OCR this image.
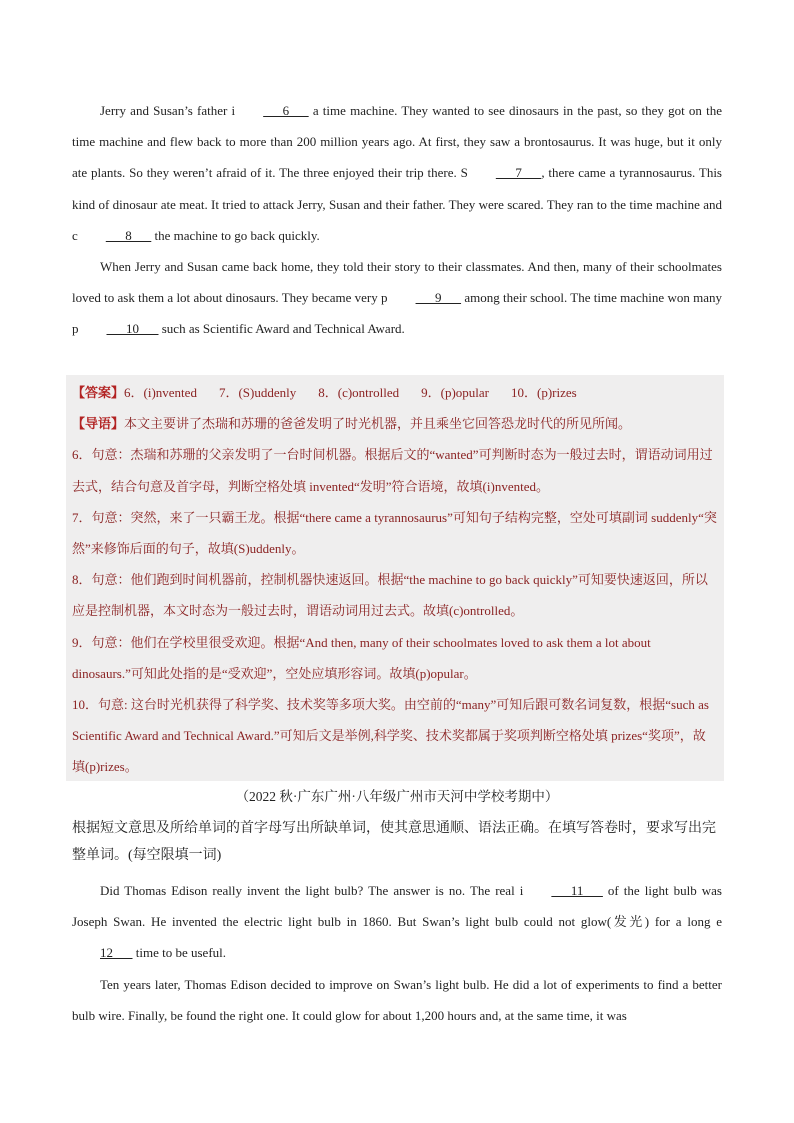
Jerry and Susan’s father i      6       a time machine. They wanted to see dinosaurs in the past, so they got on the time machine and flew back to more than 200 million years ago. At first, they saw a brontosaurus. It was huge, but it only ate plants. So they weren’t afraid of it. The three enjoyed their trip there. S      7      , there came a tyrannosaurus. This kind of dinosaur ate meat. It tried to attack Jerry, Susan and their father. They were scared. They ran to the time machine and c      8       the machine to go back quickly.

When Jerry and Susan came back home, they told their story to their classmates. And then, many of their schoolmates loved to ask them a lot about dinosaurs. They became very p      9       among their school. The time machine won many p      10       such as Scientific Award and Technical Award.

【答案】6．(i)nvented 7．(S)uddenly 8．(c)ontrolled 9．(p)opular 10．(p)rizes

【导语】本文主要讲了杰瑞和苏珊的爸爸发明了时光机器，并且乘坐它回答恐龙时代的所见所闻。

6．句意：杰瑞和苏珊的父亲发明了一台时间机器。根据后文的“wanted”可判断时态为一般过去时，谓语动词用过去式，结合句意及首字母，判断空格处填 invented“发明”符合语境，故填(i)nvented。

7．句意：突然，来了一只霸王龙。根据“there came a tyrannosaurus”可知句子结构完整，空处可填副词 suddenly“突然”来修饰后面的句子，故填(S)uddenly。

8．句意：他们跑到时间机器前，控制机器快速返回。根据“the machine to go back quickly”可知要快速返回，所以应是控制机器，本文时态为一般过去时，谓语动词用过去式。故填(c)ontrolled。

9．句意：他们在学校里很受欢迎。根据“And then, many of their schoolmates loved to ask them a lot about dinosaurs.”可知此处指的是“受欢迎”，空处应填形容词。故填(p)opular。

10．句意: 这台时光机获得了科学奖、技术奖等多项大奖。由空前的“many”可知后跟可数名词复数，根据“such as Scientific Award and Technical Award.”可知后文是举例,科学奖、技术奖都属于奖项判断空格处填 prizes“奖项”，故填(p)rizes。

（2022 秋·广东广州·八年级广州市天河中学校考期中）

根据短文意思及所给单词的首字母写出所缺单词，使其意思通顺、语法正确。在填写答卷时，要求写出完整单词。(每空限填一词)

Did Thomas Edison really invent the light bulb? The answer is no. The real i      11       of the light bulb was Joseph Swan. He invented the electric light bulb in 1860. But Swan’s light bulb could not glow(发光) for a long e 12       time to be useful.

Ten years later, Thomas Edison decided to improve on Swan’s light bulb. He did a lot of experiments to find a better bulb wire. Finally, be found the right one. It could glow for about 1,200 hours and, at the same time, it was
